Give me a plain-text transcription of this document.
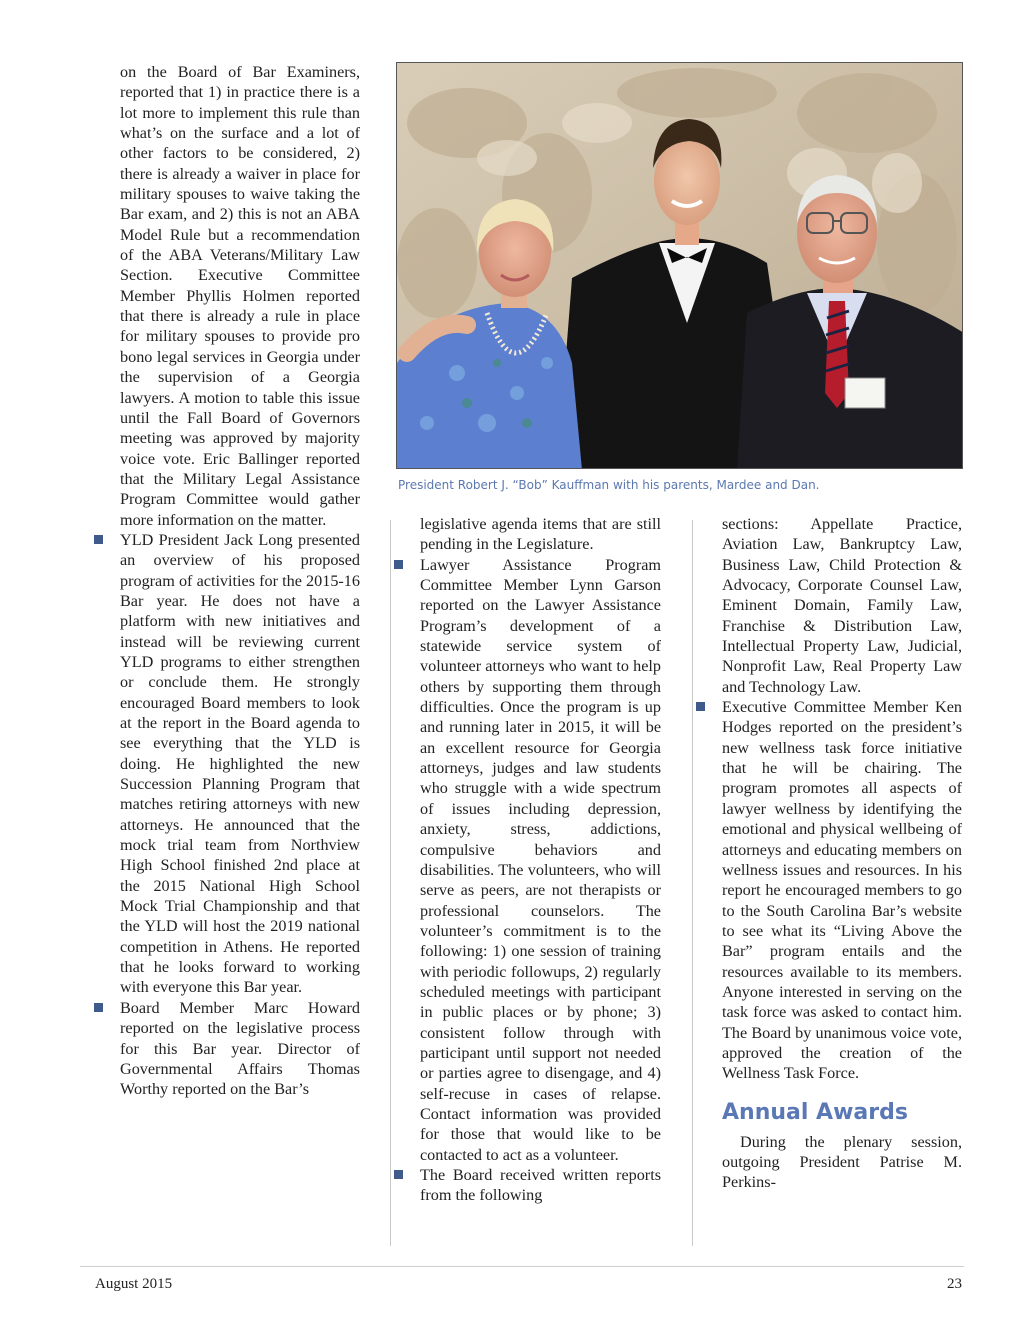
on the Board of Bar Examiners, reported that 1) in practice there is a lot more to implement this rule than what’s on the surface and a lot of other factors to be considered, 2) there is already a waiver in place for military spouses to waive taking the Bar exam, and 2) this is not an ABA Model Rule but a recommendation of the ABA Veterans/Military Law Section. Executive Committee Member Phyllis Holmen reported that there is already a rule in place for military spouses to provide pro bono legal services in Georgia under the supervision of a Georgia lawyers. A motion to table this issue until the Fall Board of Governors meeting was approved by majority voice vote. Eric Ballinger reported that the Military Legal Assistance Program Committee would gather more information on the matter.

YLD President Jack Long presented an overview of his proposed program of activities for the 2015-16 Bar year. He does not have a platform with new initiatives and instead will be reviewing current YLD programs to either strengthen or conclude them. He strongly encouraged Board members to look at the report in the Board agenda to see everything that the YLD is doing. He highlighted the new Succession Planning Program that matches retiring attorneys with new attorneys. He announced that the mock trial team from Northview High School finished 2nd place at the 2015 National High School Mock Trial Championship and that the YLD will host the 2019 national competition in Athens. He reported that he looks forward to working with everyone this Bar year.

Board Member Marc Howard reported on the legislative process for this Bar year. Director of Governmental Affairs Thomas Worthy reported on the Bar’s

President Robert J. “Bob” Kauffman with his parents, Mardee and Dan.

legislative agenda items that are still pending in the Legislature.

Lawyer Assistance Program Committee Member Lynn Garson reported on the Lawyer Assistance Program’s development of a statewide service system of volunteer attorneys who want to help others by supporting them through difficulties. Once the program is up and running later in 2015, it will be an excellent resource for Georgia attorneys, judges and law students who struggle with a wide spectrum of issues including depression, anxiety, stress, addictions, compulsive behaviors and disabilities. The volunteers, who will serve as peers, are not therapists or professional counselors. The volunteer’s commitment is to the following: 1) one session of training with periodic followups, 2) regularly scheduled meetings with participant in public places or by phone; 3) consistent follow through with participant until support not needed or parties agree to disengage, and 4) self-recuse in cases of relapse. Contact information was provided for those that would like to be contacted to act as a volunteer.

The Board received written reports from the following

sections: Appellate Practice, Aviation Law, Bankruptcy Law, Business Law, Child Protection & Advocacy, Corporate Counsel Law, Eminent Domain, Family Law, Franchise & Distribution Law, Intellectual Property Law, Judicial, Nonprofit Law, Real Property Law and Technology Law.

Executive Committee Member Ken Hodges reported on the president’s new wellness task force initiative that he will be chairing. The program promotes all aspects of lawyer wellness by identifying the emotional and physical wellbeing of attorneys and educating members on wellness issues and resources. In his report he encouraged members to go to the South Carolina Bar’s website to see what its “Living Above the Bar” program entails and the resources available to its members. Anyone interested in serving on the task force was asked to contact him. The Board by unanimous voice vote, approved the creation of the Wellness Task Force.

Annual Awards

During the plenary session, outgoing President Patrise M. Perkins-

August 2015	23
